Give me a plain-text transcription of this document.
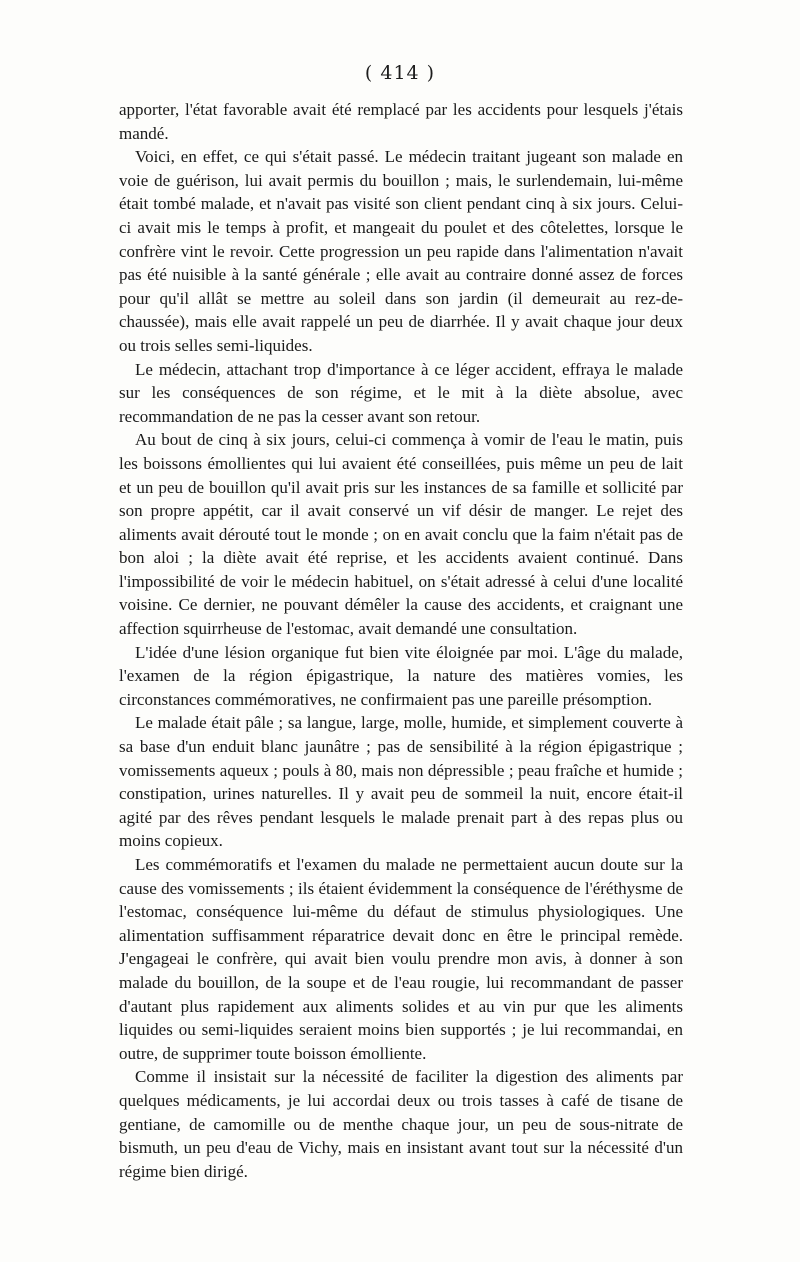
( 414 )

apporter, l'état favorable avait été remplacé par les accidents pour lesquels j'étais mandé.

Voici, en effet, ce qui s'était passé. Le médecin traitant jugeant son malade en voie de guérison, lui avait permis du bouillon ; mais, le surlendemain, lui-même était tombé malade, et n'avait pas visité son client pendant cinq à six jours. Celui-ci avait mis le temps à profit, et mangeait du poulet et des côtelettes, lorsque le confrère vint le revoir. Cette progression un peu rapide dans l'alimentation n'avait pas été nuisible à la santé générale ; elle avait au contraire donné assez de forces pour qu'il allât se mettre au soleil dans son jardin (il demeurait au rez-de-chaussée), mais elle avait rappelé un peu de diarrhée. Il y avait chaque jour deux ou trois selles semi-liquides.

Le médecin, attachant trop d'importance à ce léger accident, effraya le malade sur les conséquences de son régime, et le mit à la diète absolue, avec recommandation de ne pas la cesser avant son retour.

Au bout de cinq à six jours, celui-ci commença à vomir de l'eau le matin, puis les boissons émollientes qui lui avaient été conseillées, puis même un peu de lait et un peu de bouillon qu'il avait pris sur les instances de sa famille et sollicité par son propre appétit, car il avait conservé un vif désir de manger. Le rejet des aliments avait dérouté tout le monde ; on en avait conclu que la faim n'était pas de bon aloi ; la diète avait été reprise, et les accidents avaient continué. Dans l'impossibilité de voir le médecin habituel, on s'était adressé à celui d'une localité voisine. Ce dernier, ne pouvant démêler la cause des accidents, et craignant une affection squirrheuse de l'estomac, avait demandé une consultation.

L'idée d'une lésion organique fut bien vite éloignée par moi. L'âge du malade, l'examen de la région épigastrique, la nature des matières vomies, les circonstances commémoratives, ne confirmaient pas une pareille présomption.

Le malade était pâle ; sa langue, large, molle, humide, et simplement couverte à sa base d'un enduit blanc jaunâtre ; pas de sensibilité à la région épigastrique ; vomissements aqueux ; pouls à 80, mais non dépressible ; peau fraîche et humide ; constipation, urines naturelles. Il y avait peu de sommeil la nuit, encore était-il agité par des rêves pendant lesquels le malade prenait part à des repas plus ou moins copieux.

Les commémoratifs et l'examen du malade ne permettaient aucun doute sur la cause des vomissements ; ils étaient évidemment la conséquence de l'éréthysme de l'estomac, conséquence lui-même du défaut de stimulus physiologiques. Une alimentation suffisamment réparatrice devait donc en être le principal remède. J'engageai le confrère, qui avait bien voulu prendre mon avis, à donner à son malade du bouillon, de la soupe et de l'eau rougie, lui recommandant de passer d'autant plus rapidement aux aliments solides et au vin pur que les aliments liquides ou semi-liquides seraient moins bien supportés ; je lui recommandai, en outre, de supprimer toute boisson émolliente.

Comme il insistait sur la nécessité de faciliter la digestion des aliments par quelques médicaments, je lui accordai deux ou trois tasses à café de tisane de gentiane, de camomille ou de menthe chaque jour, un peu de sous-nitrate de bismuth, un peu d'eau de Vichy, mais en insistant avant tout sur la nécessité d'un régime bien dirigé.
